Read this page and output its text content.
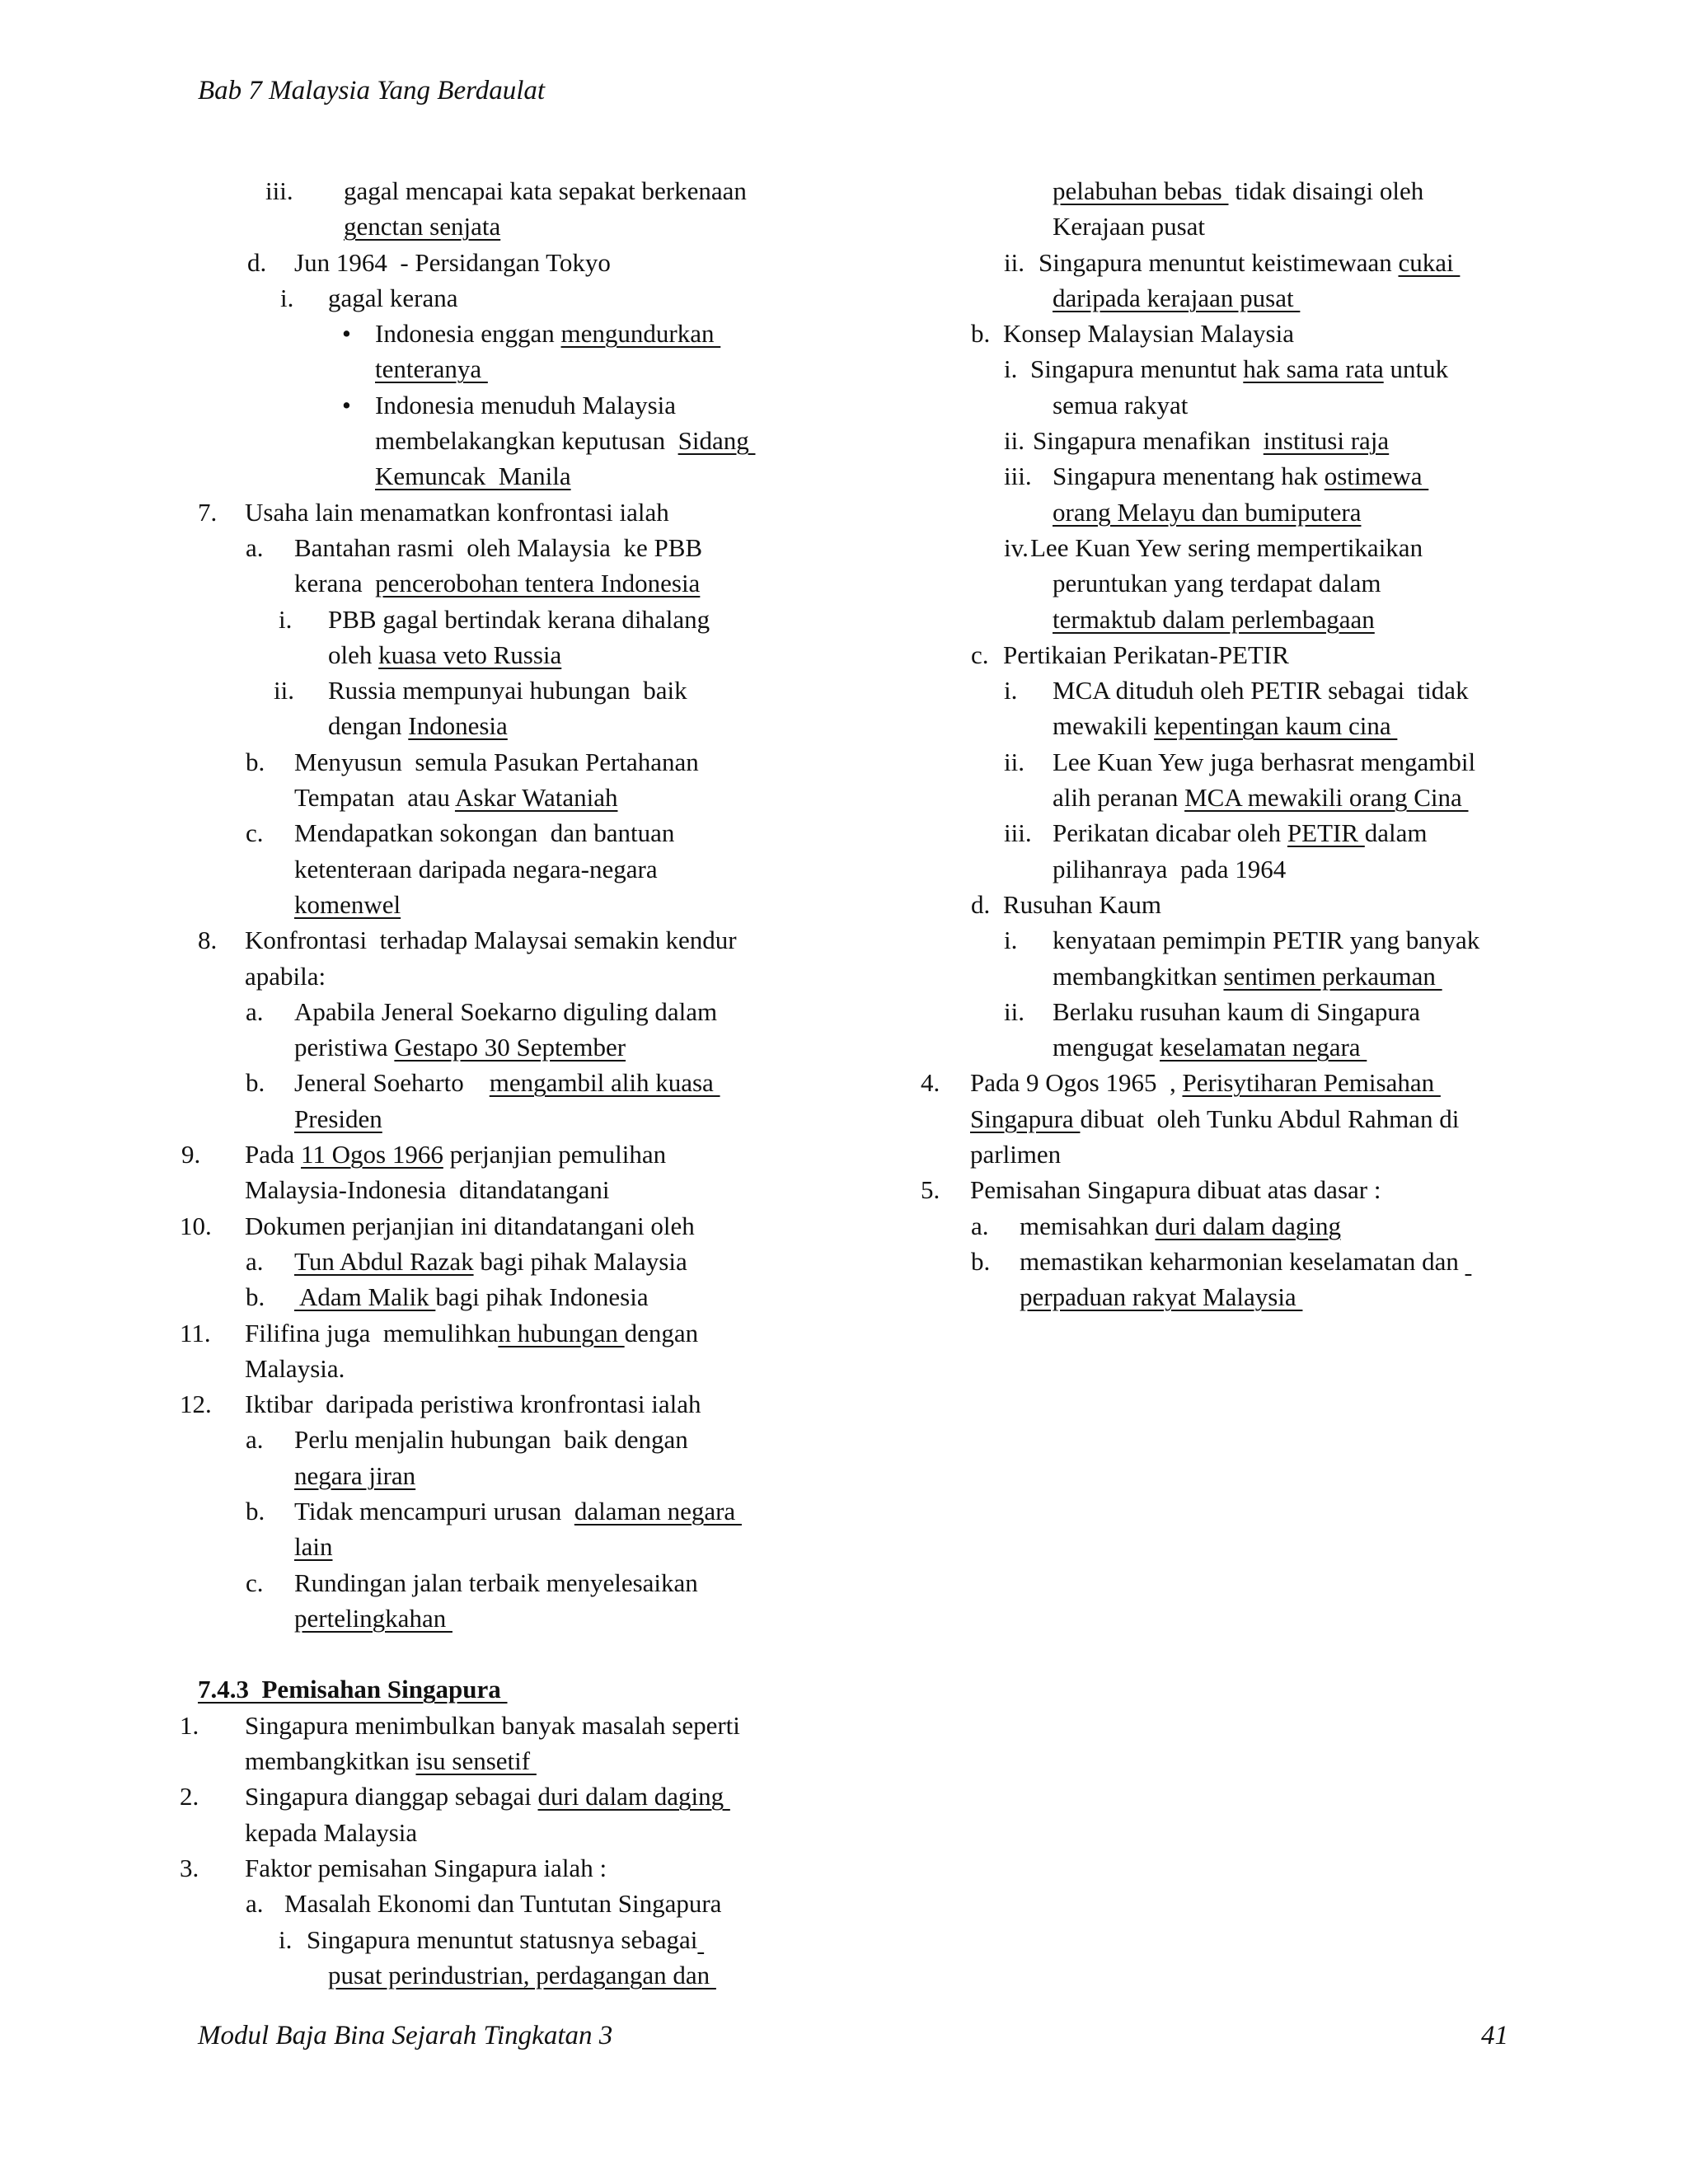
Bab 7 Malaysia Yang Berdaulat
iii. gagal mencapai kata sepakat berkenaan
genctan senjata
d. Jun 1964  - Persidangan Tokyo
i. gagal kerana
• Indonesia enggan mengundurkan
tenteranya
• Indonesia menuduh Malaysia
membelakangkan keputusan  Sidang
Kemuncak  Manila
7. Usaha lain menamatkan konfrontasi ialah
a. Bantahan rasmi  oleh Malaysia  ke PBB
kerana  pencerobohan tentera Indonesia
i. PBB gagal bertindak kerana dihalang
oleh kuasa veto Russia
ii. Russia mempunyai hubungan  baik
dengan Indonesia
b. Menyusun  semula Pasukan Pertahanan
Tempatan  atau Askar Wataniah
c. Mendapatkan sokongan  dan bantuan
ketenteraan daripada negara-negara
komenwel
8. Konfrontasi  terhadap Malaysai semakin kendur
apabila:
a. Apabila Jeneral Soekarno diguling dalam
peristiwa Gestapo 30 September
b. Jeneral Soeharto    mengambil alih kuasa
Presiden
9. Pada 11 Ogos 1966 perjanjian pemulihan
Malaysia-Indonesia  ditandatangani
10. Dokumen perjanjian ini ditandatangani oleh
a. Tun Abdul Razak bagi pihak Malaysia
b. Adam Malik bagi pihak Indonesia
11. Filifina juga  memulihkan hubungan dengan
Malaysia.
12. Iktibar  daripada peristiwa kronfrontasi ialah
a. Perlu menjalin hubungan  baik dengan
negara jiran
b. Tidak mencampuri urusan  dalaman negara
lain
c. Rundingan jalan terbaik menyelesaikan
pertelingkahan
7.4.3  Pemisahan Singapura
1. Singapura menimbulkan banyak masalah seperti
membangkitkan isu sensetif
2. Singapura dianggap sebagai duri dalam daging
kepada Malaysia
3. Faktor pemisahan Singapura ialah :
a. Masalah Ekonomi dan Tuntutan Singapura
i. Singapura menuntut statusnya sebagai
pusat perindustrian, perdagangan dan
pelabuhan bebas  tidak disaingi oleh
Kerajaan pusat
ii. Singapura menuntut keistimewaan cukai
daripada kerajaan pusat
b. Konsep Malaysian Malaysia
i. Singapura menuntut hak sama rata untuk
semua rakyat
ii. Singapura menafikan  institusi raja
iii. Singapura menentang hak ostimewa
orang Melayu dan bumiputera
iv. Lee Kuan Yew sering mempertikaikan
peruntukan yang terdapat dalam
termaktub dalam perlembagaan
c. Pertikaian Perikatan-PETIR
i. MCA dituduh oleh PETIR sebagai  tidak
mewakili kepentingan kaum cina
ii. Lee Kuan Yew juga berhasrat mengambil
alih peranan MCA mewakili orang Cina
iii. Perikatan dicabar oleh PETIR dalam
pilihanraya  pada 1964
d. Rusuhan Kaum
i. kenyataan pemimpin PETIR yang banyak
membangkitkan sentimen perkauman
ii. Berlaku rusuhan kaum di Singapura
mengugat keselamatan negara
4. Pada 9 Ogos 1965  , Perisytiharan Pemisahan
Singapura dibuat  oleh Tunku Abdul Rahman di
parlimen
5. Pemisahan Singapura dibuat atas dasar :
a. memisahkan duri dalam daging
b. memastikan keharmonian keselamatan dan
perpaduan rakyat Malaysia
Modul Baja Bina Sejarah Tingkatan 3	41
